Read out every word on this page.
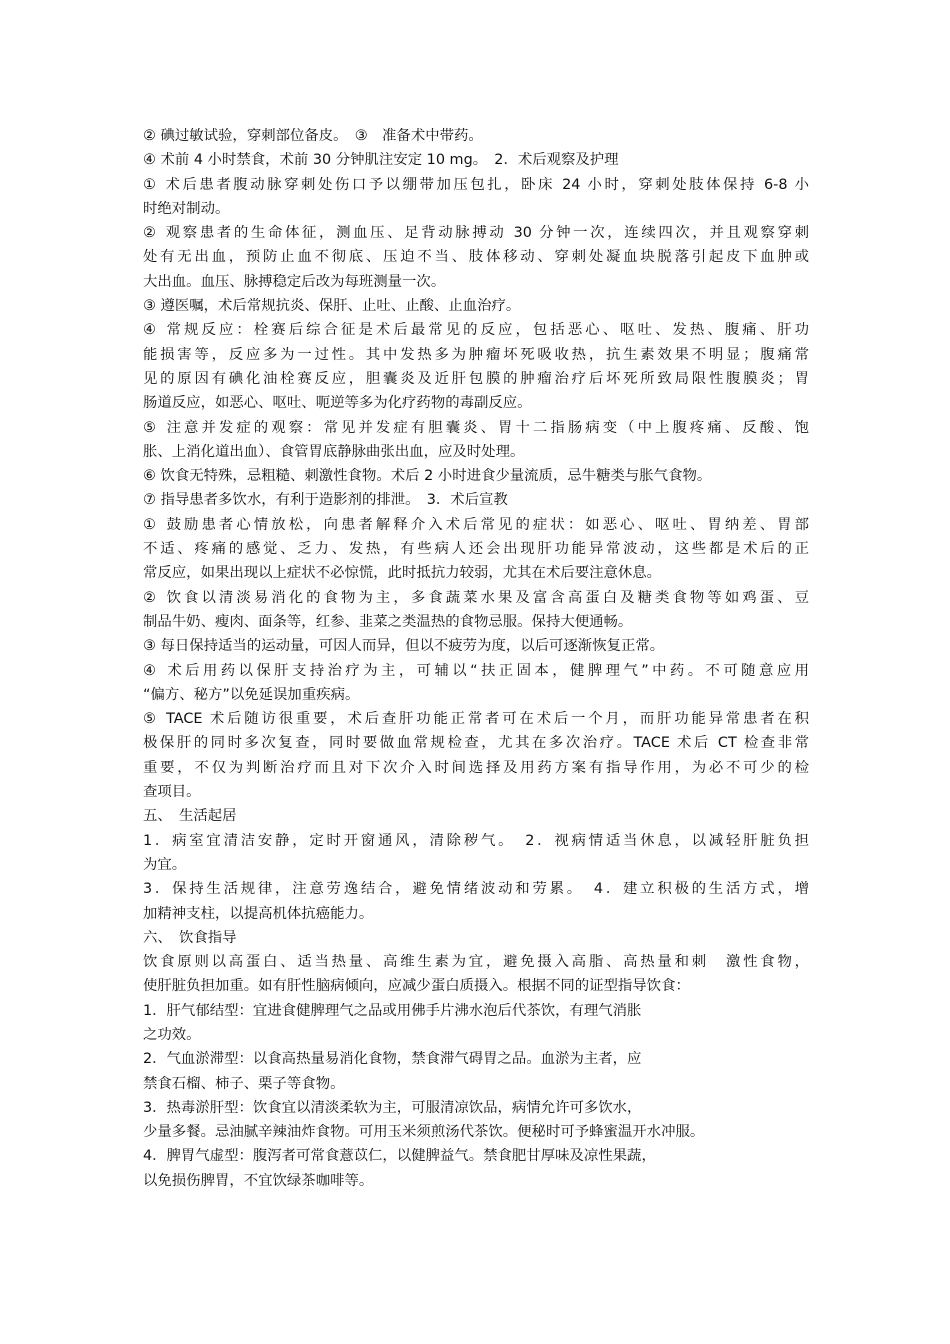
② 碘过敏试验，穿刺部位备皮。　③　准备术中带药。
④ 术前 4 小时禁食，术前 30 分钟肌注安定 10 mg。　2．术后观察及护理
① 术后患者腹动脉穿刺处伤口予以绷带加压包扎，卧床 24 小时，穿刺处肢体保持 6-8 小
时绝对制动。
② 观察患者的生命体征，测血压、足背动脉搏动 30 分钟一次，连续四次，并且观察穿刺
处有无出血，预防止血不彻底、压迫不当、肢体移动、穿刺处凝血块脱落引起皮下血肿或
大出血。血压、脉搏稳定后改为每班测量一次。
③ 遵医嘱，术后常规抗炎、保肝、止吐、止酸、止血治疗。
④ 常规反应：栓赛后综合征是术后最常见的反应，包括恶心、呕吐、发热、腹痛、肝功
能损害等，反应多为一过性。其中发热多为肿瘤坏死吸收热，抗生素效果不明显；腹痛常
见的原因有碘化油栓赛反应，胆囊炎及近肝包膜的肿瘤治疗后坏死所致局限性腹膜炎；胃
肠道反应，如恶心、呕吐、呃逆等多为化疗药物的毒副反应。
⑤ 注意并发症的观察：常见并发症有胆囊炎、胃十二指肠病变（中上腹疼痛、反酸、饱
胀、上消化道出血）、食管胃底静脉曲张出血，应及时处理。
⑥ 饮食无特殊，忌粗糙、刺激性食物。术后 2 小时进食少量流质，忌牛糖类与胀气食物。
⑦ 指导患者多饮水，有利于造影剂的排泄。　3．术后宣教
① 鼓励患者心情放松，向患者解释介入术后常见的症状：如恶心、呕吐、胃纳差、胃部
不适、疼痛的感觉、乏力、发热，有些病人还会出现肝功能异常波动，这些都是术后的正
常反应，如果出现以上症状不必惊慌，此时抵抗力较弱，尤其在术后要注意休息。
② 饮食以清淡易消化的食物为主，多食蔬菜水果及富含高蛋白及糖类食物等如鸡蛋、豆
制品牛奶、瘦肉、面条等，红参、韭菜之类温热的食物忌服。保持大便通畅。
③ 每日保持适当的运动量，可因人而异，但以不疲劳为度，以后可逐渐恢复正常。
④ 术后用药以保肝支持治疗为主，可辅以“扶正固本，健脾理气”中药。不可随意应用
“偏方、秘方”以免延误加重疾病。
⑤ TACE 术后随访很重要，术后查肝功能正常者可在术后一个月，而肝功能异常患者在积
极保肝的同时多次复查，同时要做血常规检查，尤其在多次治疗。TACE 术后 CT 检查非常
重要，不仅为判断治疗而且对下次介入时间选择及用药方案有指导作用，为必不可少的检
查项目。
五、　生活起居
1．病室宜清洁安静，定时开窗通风，清除秽气。　2．视病情适当休息，以减轻肝脏负担
为宜。
3．保持生活规律，注意劳逸结合，避免情绪波动和劳累。　4．建立积极的生活方式，增
加精神支柱，以提高机体抗癌能力。
六、　饮食指导
饮食原则以高蛋白、适当热量、高维生素为宜，避免摄入高脂、高热量和刺　激性食物，
使肝脏负担加重。如有肝性脑病倾向，应减少蛋白质摄入。根据不同的证型指导饮食：
1．肝气郁结型：宜进食健脾理气之品或用佛手片沸水泡后代茶饮，有理气消胀
之功效。
2．气血淤滞型：以食高热量易消化食物，禁食滞气碍胃之品。血淤为主者，应
禁食石榴、柿子、栗子等食物。
3．热毒淤肝型：饮食宜以清淡柔软为主，可服清凉饮品，病情允许可多饮水，
少量多餐。忌油腻辛辣油炸食物。可用玉米须煎汤代茶饮。便秘时可予蜂蜜温开水冲服。
4．脾胃气虚型：腹泻者可常食薏苡仁，以健脾益气。禁食肥甘厚味及凉性果蔬，
以免损伤脾胃，不宜饮绿茶咖啡等。
